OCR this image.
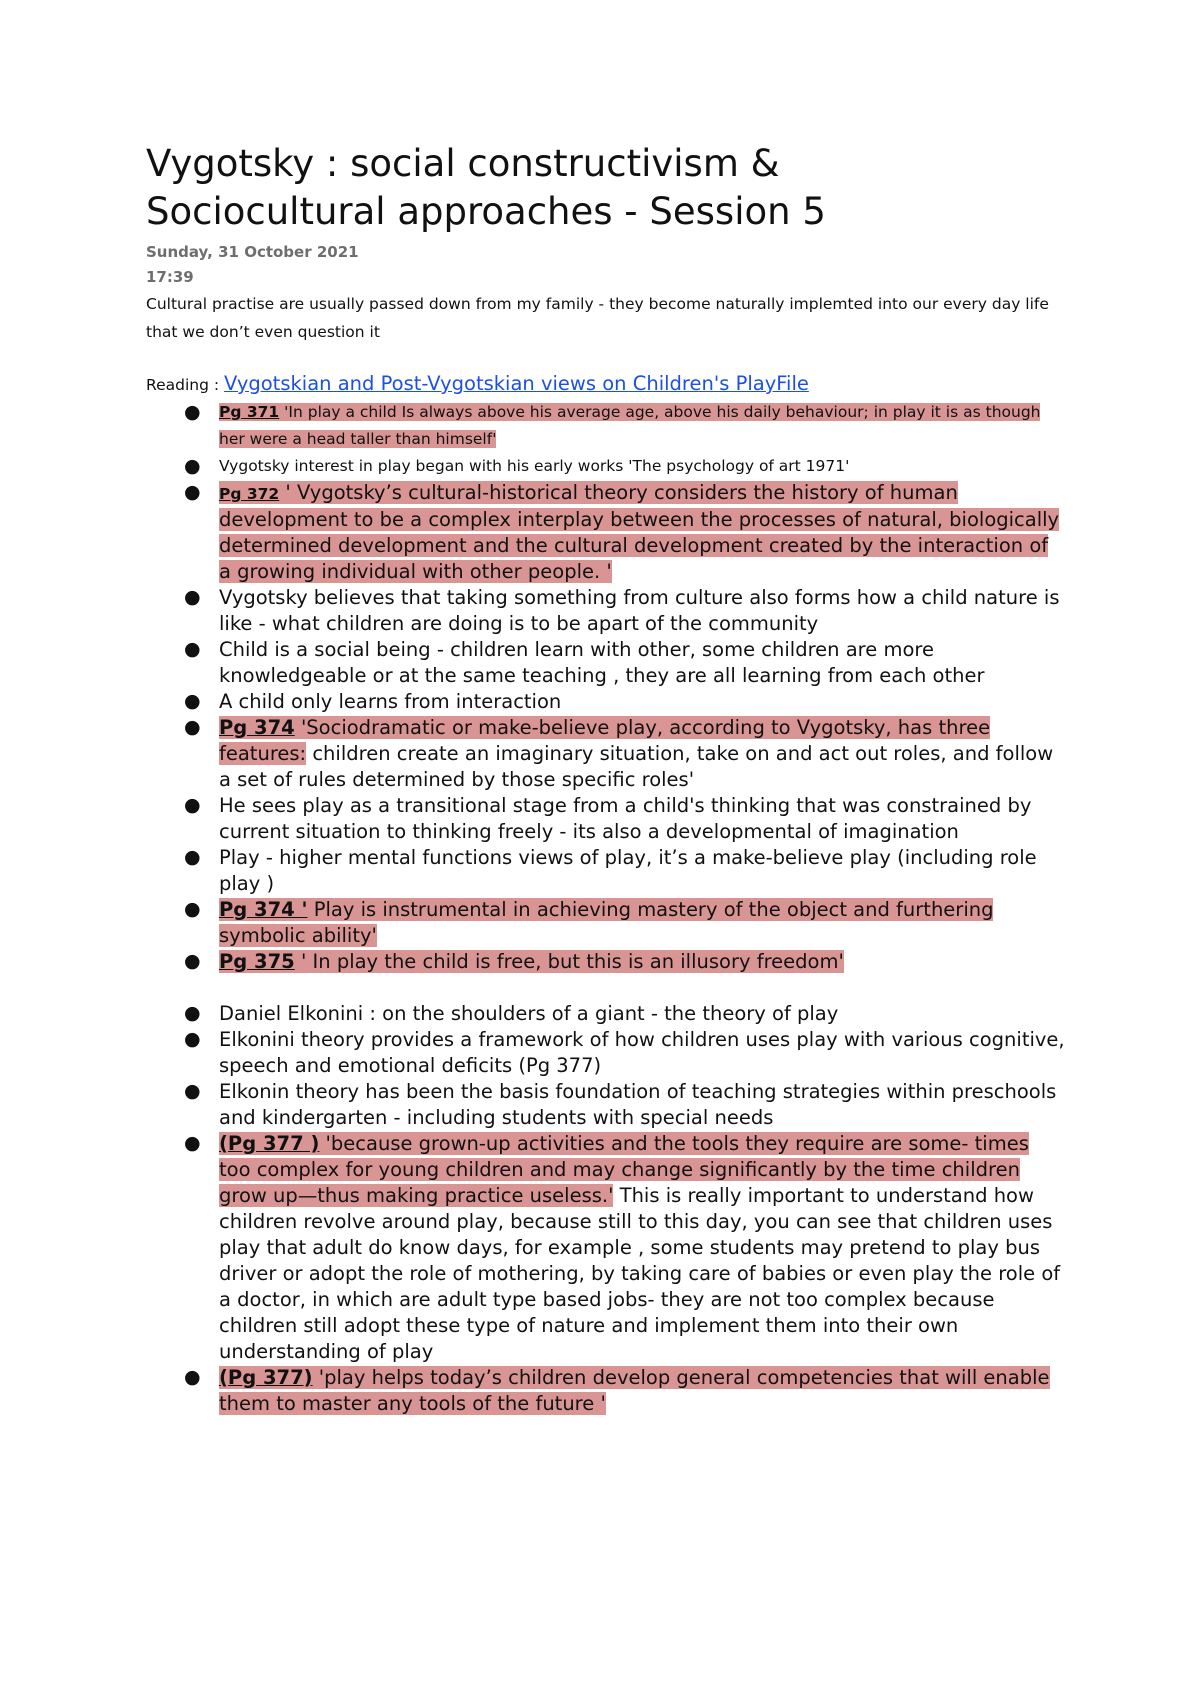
Vygotsky : social constructivism &
Sociocultural approaches - Session 5
Sunday, 31 October 2021
17:39
Cultural practise are usually passed down from my family - they become naturally implemted into our every day life that we don’t even question it
Reading : Vygotskian and Post-Vygotskian views on Children's PlayFile
● Pg 371 'In play a child Is always above his average age, above his daily behaviour; in play it is as though her were a head taller than himself'
● Vygotsky interest in play began with his early works 'The psychology of art 1971'
● Pg 372 ' Vygotsky’s cultural-historical theory considers the history of human development to be a complex interplay between the processes of natural, biologically determined development and the cultural development created by the interaction of a growing individual with other people. '
● Vygotsky believes that taking something from culture also forms how a child nature is like - what children are doing is to be apart of the community
● Child is a social being - children learn with other, some children are more knowledgeable or at the same teaching , they are all learning from each other
● A child only learns from interaction
● Pg 374 'Sociodramatic or make-believe play, according to Vygotsky, has three features: children create an imaginary situation, take on and act out roles, and follow a set of rules determined by those specific roles'
● He sees play as a transitional stage from a child's thinking that was constrained by current situation to thinking freely - its also a developmental of imagination
● Play - higher mental functions views of play, it’s a make-believe play (including role play )
● Pg 374 ' Play is instrumental in achieving mastery of the object and furthering symbolic ability'
● Pg 375 ' In play the child is free, but this is an illusory freedom'
● Daniel Elkonini : on the shoulders of a giant - the theory of play
● Elkonini theory provides a framework of how children uses play with various cognitive, speech and emotional deficits (Pg 377)
● Elkonin theory has been the basis foundation of teaching strategies within preschools and kindergarten - including students with special needs
● (Pg 377 ) 'because grown-up activities and the tools they require are some- times too complex for young children and may change significantly by the time children grow up—thus making practice useless.' This is really important to understand how children revolve around play, because still to this day, you can see that children uses play that adult do know days, for example , some students may pretend to play bus driver or adopt the role of mothering, by taking care of babies or even play the role of a doctor, in which are adult type based jobs- they are not too complex because children still adopt these type of nature and implement them into their own understanding of play
● (Pg 377) 'play helps today’s children develop general competencies that will enable them to master any tools of the future '
